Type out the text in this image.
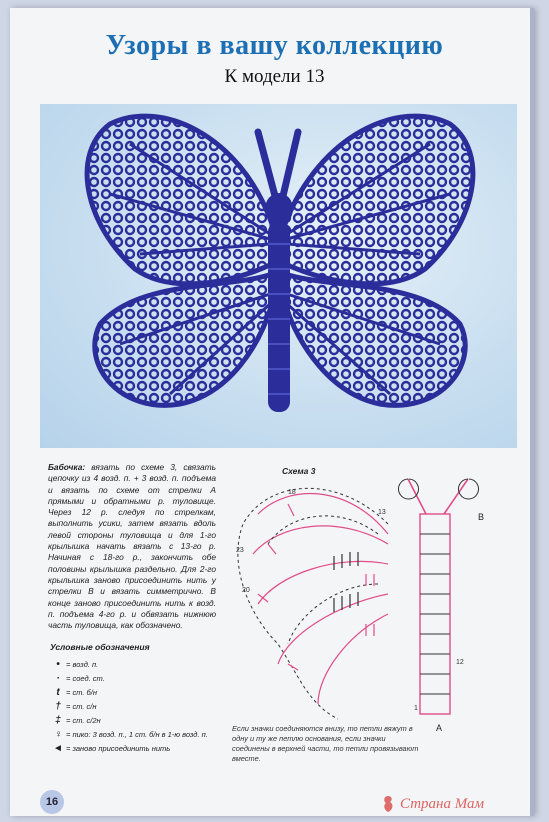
Узоры в вашу коллекцию
К модели 13
Бабочка: вязать по схеме 3, связать цепочку из 4 возд. п. + 3 возд. п. подъема и вязать по схеме от стрелки А прямыми и обратными р. туловище. Через 12 р. следуя по стрелкам, выполнить усики, затем вязать вдоль левой стороны туловища и для 1-го крылышка начать вязать с 13-го р. Начиная с 18-го р., закончить обе половины крылышка раздельно. Для 2-го крылышка заново присоединить нить у стрелки В и вязать симметрично. В конце заново присоединить нить к возд. п. подъема 4-го р. и обвязать нижнюю часть туловища, как обозначено.
Условные обозначения
• = возд. п.
· = соед. ст.
t = ст. б/н
† = ст. с/н
‡ = ст. с/2н
♀ = пико: 3 возд. п., 1 ст. б/н в 1-ю возд. п.
◄ = заново присоединить нить
Схема 3
А
В
23
20
18
13
1
12
Если значки соединяются внизу, то петли вяжут в одну и ту же петлю основания, если значки соединены в верхней части, то петли провязывают вместе.
16	Страна Мам
